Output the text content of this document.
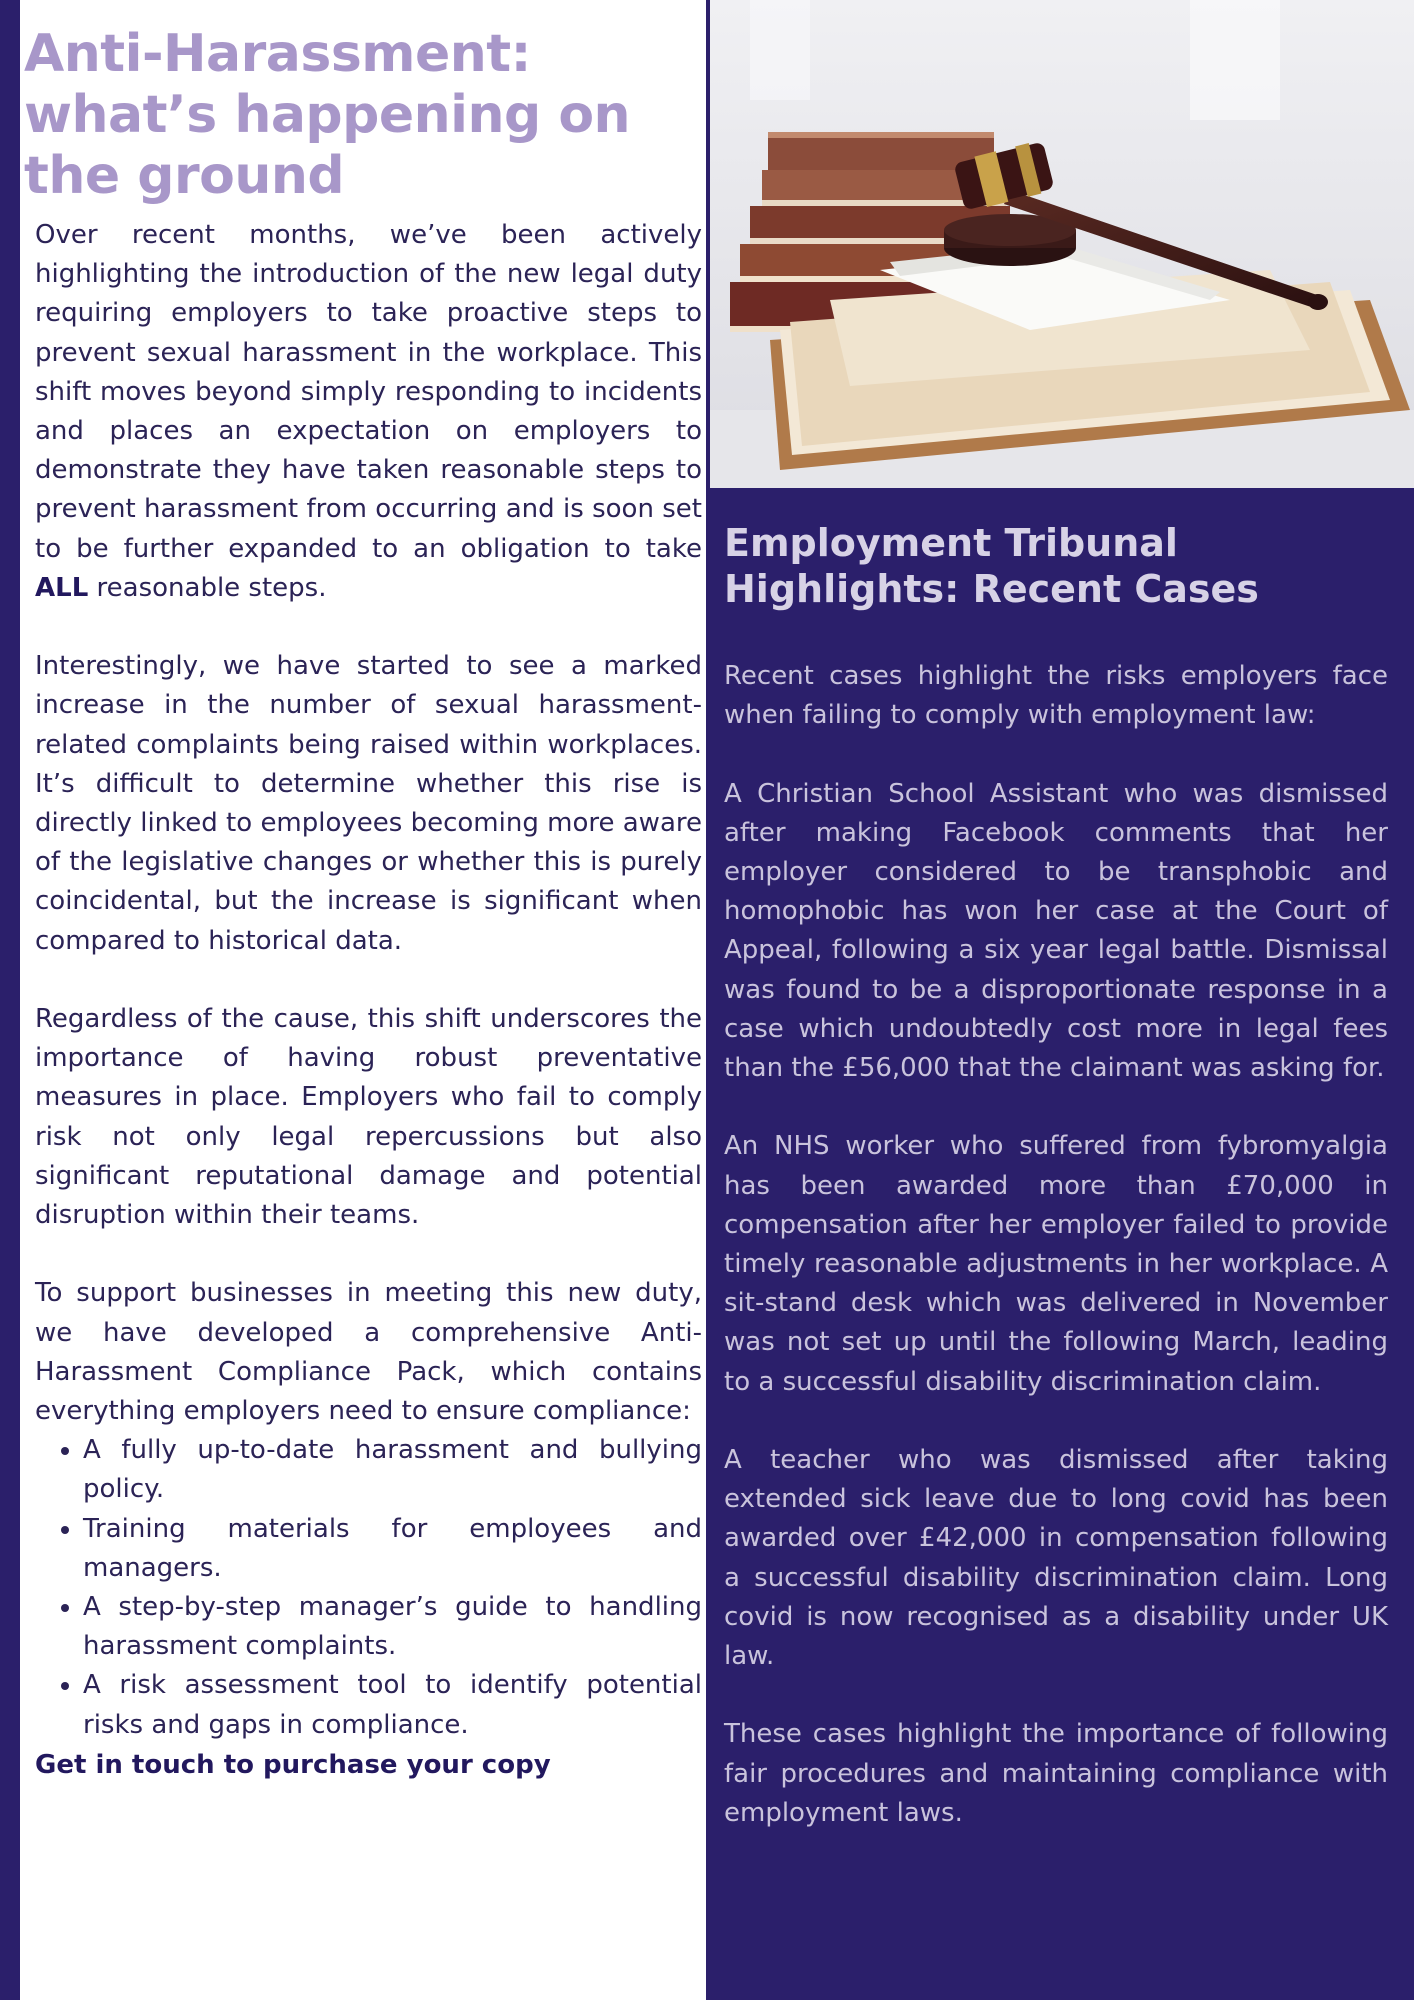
Anti-Harassment: what’s happening on the ground

Over recent months, we’ve been actively highlighting the introduction of the new legal duty requiring employers to take proactive steps to prevent sexual harassment in the workplace. This shift moves beyond simply responding to incidents and places an expectation on employers to demonstrate they have taken reasonable steps to prevent harassment from occurring and is soon set to be further expanded to an obligation to take ALL reasonable steps.

Interestingly, we have started to see a marked increase in the number of sexual harassment-related complaints being raised within workplaces. It’s difficult to determine whether this rise is directly linked to employees becoming more aware of the legislative changes or whether this is purely coincidental, but the increase is significant when compared to historical data.

Regardless of the cause, this shift underscores the importance of having robust preventative measures in place. Employers who fail to comply risk not only legal repercussions but also significant reputational damage and potential disruption within their teams.

To support businesses in meeting this new duty, we have developed a comprehensive Anti-Harassment Compliance Pack, which contains everything employers need to ensure compliance:

• A fully up-to-date harassment and bullying policy.
• Training materials for employees and managers.
• A step-by-step manager’s guide to handling harassment complaints.
• A risk assessment tool to identify potential risks and gaps in compliance.

Get in touch to purchase your copy

Employment Tribunal Highlights: Recent Cases

Recent cases highlight the risks employers face when failing to comply with employment law:

A Christian School Assistant who was dismissed after making Facebook comments that her employer considered to be transphobic and homophobic has won her case at the Court of Appeal, following a six year legal battle. Dismissal was found to be a disproportionate response in a case which undoubtedly cost more in legal fees than the £56,000 that the claimant was asking for.

An NHS worker who suffered from fybromyalgia has been awarded more than £70,000 in compensation after her employer failed to provide timely reasonable adjustments in her workplace. A sit-stand desk which was delivered in November was not set up until the following March, leading to a successful disability discrimination claim.

A teacher who was dismissed after taking extended sick leave due to long covid has been awarded over £42,000 in compensation following a successful disability discrimination claim. Long covid is now recognised as a disability under UK law.

These cases highlight the importance of following fair procedures and maintaining compliance with employment laws.
